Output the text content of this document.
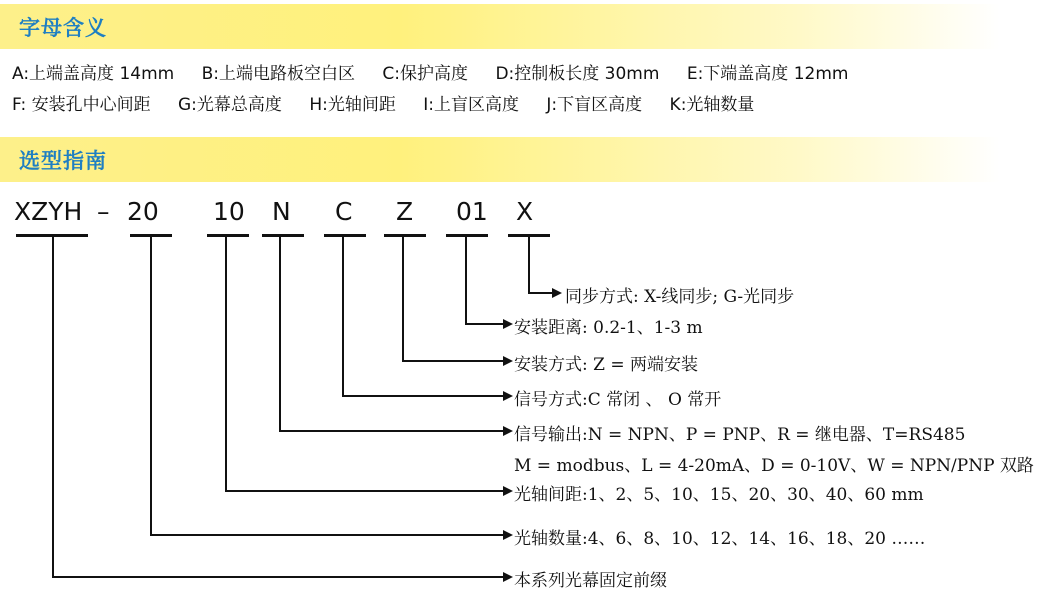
字母含义
A:上端盖高度 14mm B:上端电路板空白区 C:保护高度 D:控制板长度 30mm E:下端盖高度 12mm
F: 安装孔中心间距 G:光幕总高度 H:光轴间距 I:上盲区高度 J:下盲区高度 K:光轴数量
选型指南
XZYH – 20 10 N C Z 01 X
同步方式: X-线同步; G-光同步
安装距离: 0.2-1、1-3 m
安装方式: Z = 两端安装
信号方式:C 常闭 、 O 常开
信号输出:N = NPN、P = PNP、R = 继电器、T=RS485
M = modbus、L = 4-20mA、D = 0-10V、W = NPN/PNP 双路
光轴间距:1、2、5、10、15、20、30、40、60 mm
光轴数量:4、6、8、10、12、14、16、18、20 ……
本系列光幕固定前缀
